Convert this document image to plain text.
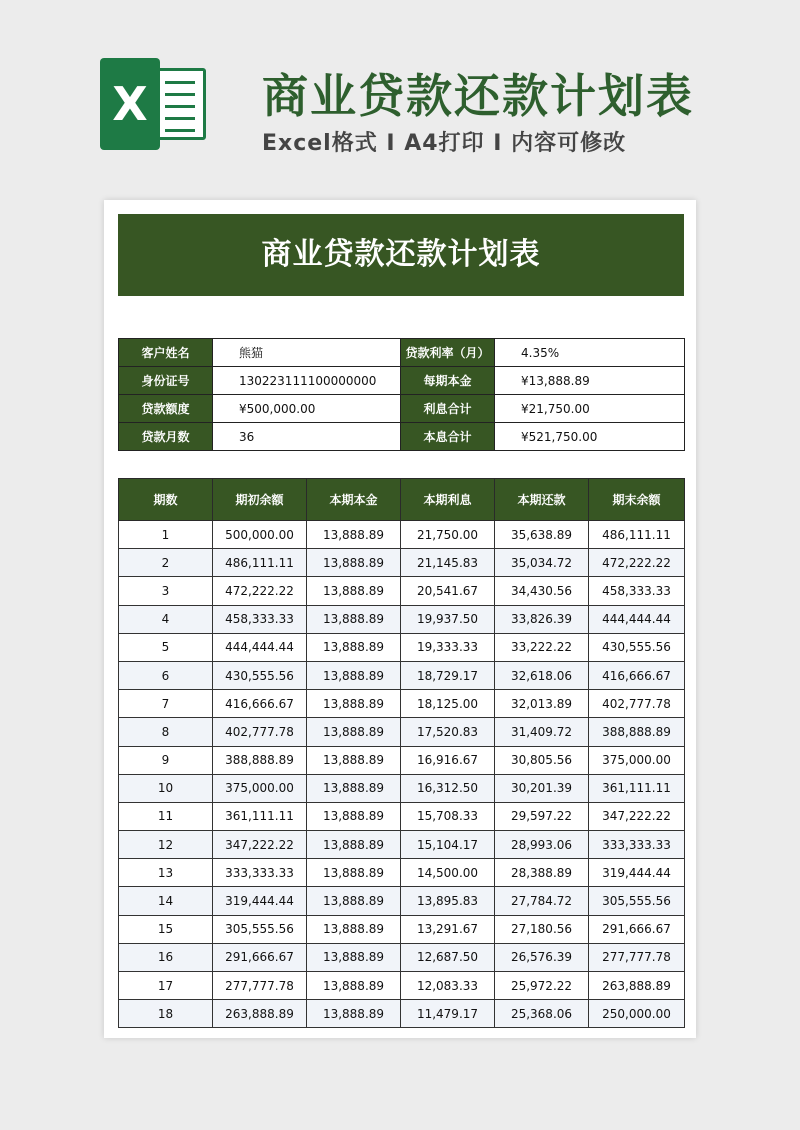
X 商业贷款还款计划表
Excel格式 Ⅰ A4打印 Ⅰ 内容可修改
商业贷款还款计划表
客户姓名	熊猫	贷款利率（月）	4.35%
身份证号	130223111100000000	每期本金	¥13,888.89
贷款额度	¥500,000.00	利息合计	¥21,750.00
贷款月数	36	本息合计	¥521,750.00
期数	期初余额	本期本金	本期利息	本期还款	期末余额
1	500,000.00	13,888.89	21,750.00	35,638.89	486,111.11
2	486,111.11	13,888.89	21,145.83	35,034.72	472,222.22
3	472,222.22	13,888.89	20,541.67	34,430.56	458,333.33
4	458,333.33	13,888.89	19,937.50	33,826.39	444,444.44
5	444,444.44	13,888.89	19,333.33	33,222.22	430,555.56
6	430,555.56	13,888.89	18,729.17	32,618.06	416,666.67
7	416,666.67	13,888.89	18,125.00	32,013.89	402,777.78
8	402,777.78	13,888.89	17,520.83	31,409.72	388,888.89
9	388,888.89	13,888.89	16,916.67	30,805.56	375,000.00
10	375,000.00	13,888.89	16,312.50	30,201.39	361,111.11
11	361,111.11	13,888.89	15,708.33	29,597.22	347,222.22
12	347,222.22	13,888.89	15,104.17	28,993.06	333,333.33
13	333,333.33	13,888.89	14,500.00	28,388.89	319,444.44
14	319,444.44	13,888.89	13,895.83	27,784.72	305,555.56
15	305,555.56	13,888.89	13,291.67	27,180.56	291,666.67
16	291,666.67	13,888.89	12,687.50	26,576.39	277,777.78
17	277,777.78	13,888.89	12,083.33	25,972.22	263,888.89
18	263,888.89	13,888.89	11,479.17	25,368.06	250,000.00
